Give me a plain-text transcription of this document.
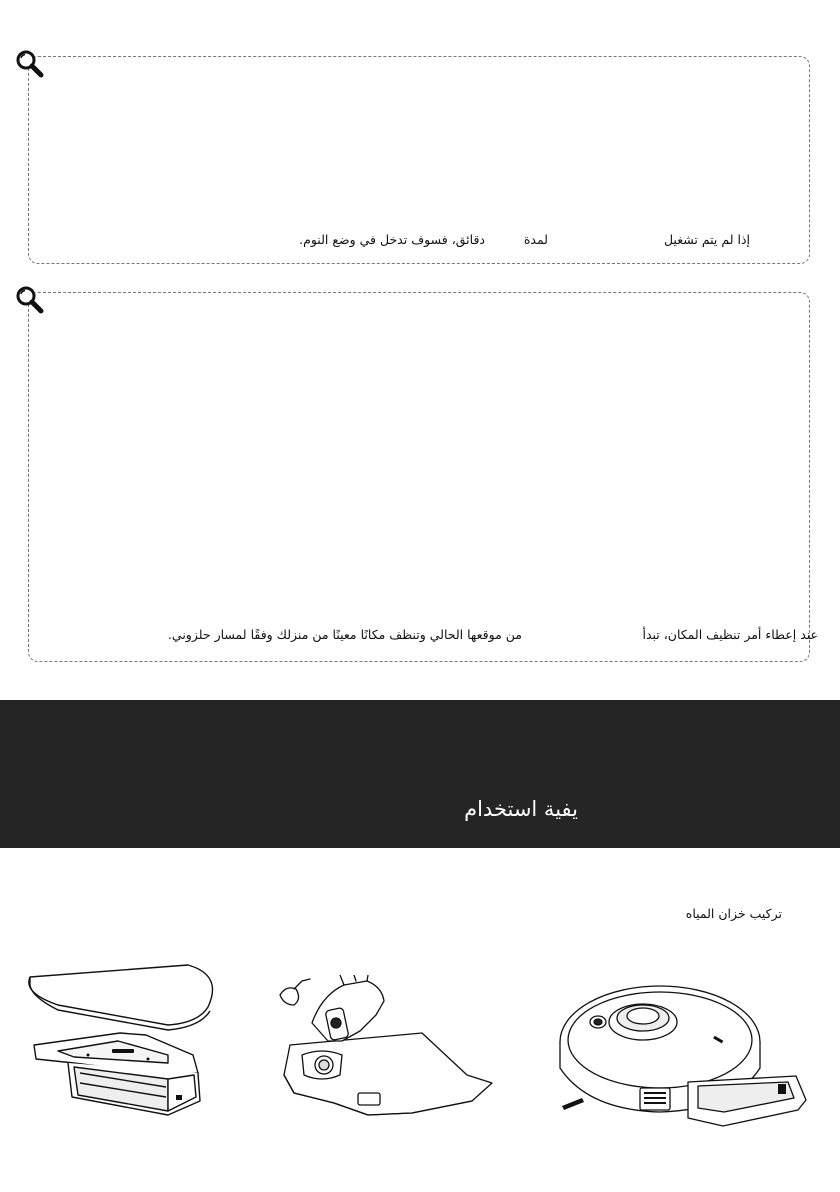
إذا لم يتم تشغيل
لمدة
دقائق، فسوف تدخل في وضع النوم.
عند إعطاء أمر تنظيف المكان، تبدأ
من موقعها الحالي وتنظف مكانًا معينًا من منزلك وفقًا لمسار حلزوني.
يفية استخدام
تركيب خزان المياه
